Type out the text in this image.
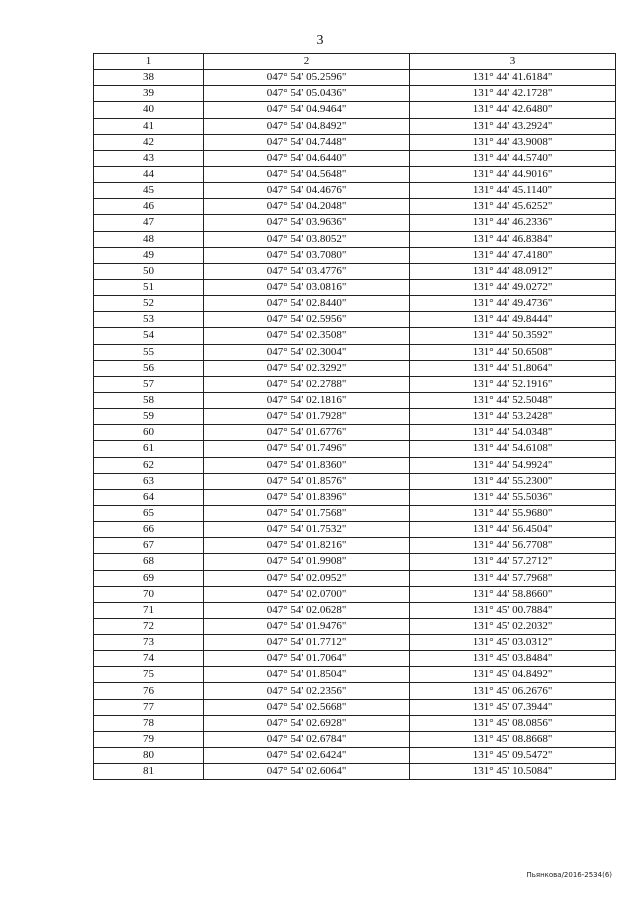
3
1	2	3
38	047° 54' 05.2596"	131° 44' 41.6184"
39	047° 54' 05.0436"	131° 44' 42.1728"
40	047° 54' 04.9464"	131° 44' 42.6480"
41	047° 54' 04.8492"	131° 44' 43.2924"
42	047° 54' 04.7448"	131° 44' 43.9008"
43	047° 54' 04.6440"	131° 44' 44.5740"
44	047° 54' 04.5648"	131° 44' 44.9016"
45	047° 54' 04.4676"	131° 44' 45.1140"
46	047° 54' 04.2048"	131° 44' 45.6252"
47	047° 54' 03.9636"	131° 44' 46.2336"
48	047° 54' 03.8052"	131° 44' 46.8384"
49	047° 54' 03.7080"	131° 44' 47.4180"
50	047° 54' 03.4776"	131° 44' 48.0912"
51	047° 54' 03.0816"	131° 44' 49.0272"
52	047° 54' 02.8440"	131° 44' 49.4736"
53	047° 54' 02.5956"	131° 44' 49.8444"
54	047° 54' 02.3508"	131° 44' 50.3592"
55	047° 54' 02.3004"	131° 44' 50.6508"
56	047° 54' 02.3292"	131° 44' 51.8064"
57	047° 54' 02.2788"	131° 44' 52.1916"
58	047° 54' 02.1816"	131° 44' 52.5048"
59	047° 54' 01.7928"	131° 44' 53.2428"
60	047° 54' 01.6776"	131° 44' 54.0348"
61	047° 54' 01.7496"	131° 44' 54.6108"
62	047° 54' 01.8360"	131° 44' 54.9924"
63	047° 54' 01.8576"	131° 44' 55.2300"
64	047° 54' 01.8396"	131° 44' 55.5036"
65	047° 54' 01.7568"	131° 44' 55.9680"
66	047° 54' 01.7532"	131° 44' 56.4504"
67	047° 54' 01.8216"	131° 44' 56.7708"
68	047° 54' 01.9908"	131° 44' 57.2712"
69	047° 54' 02.0952"	131° 44' 57.7968"
70	047° 54' 02.0700"	131° 44' 58.8660"
71	047° 54' 02.0628"	131° 45' 00.7884"
72	047° 54' 01.9476"	131° 45' 02.2032"
73	047° 54' 01.7712"	131° 45' 03.0312"
74	047° 54' 01.7064"	131° 45' 03.8484"
75	047° 54' 01.8504"	131° 45' 04.8492"
76	047° 54' 02.2356"	131° 45' 06.2676"
77	047° 54' 02.5668"	131° 45' 07.3944"
78	047° 54' 02.6928"	131° 45' 08.0856"
79	047° 54' 02.6784"	131° 45' 08.8668"
80	047° 54' 02.6424"	131° 45' 09.5472"
81	047° 54' 02.6064"	131° 45' 10.5084"
Пьянкова/2016-2534(6)
